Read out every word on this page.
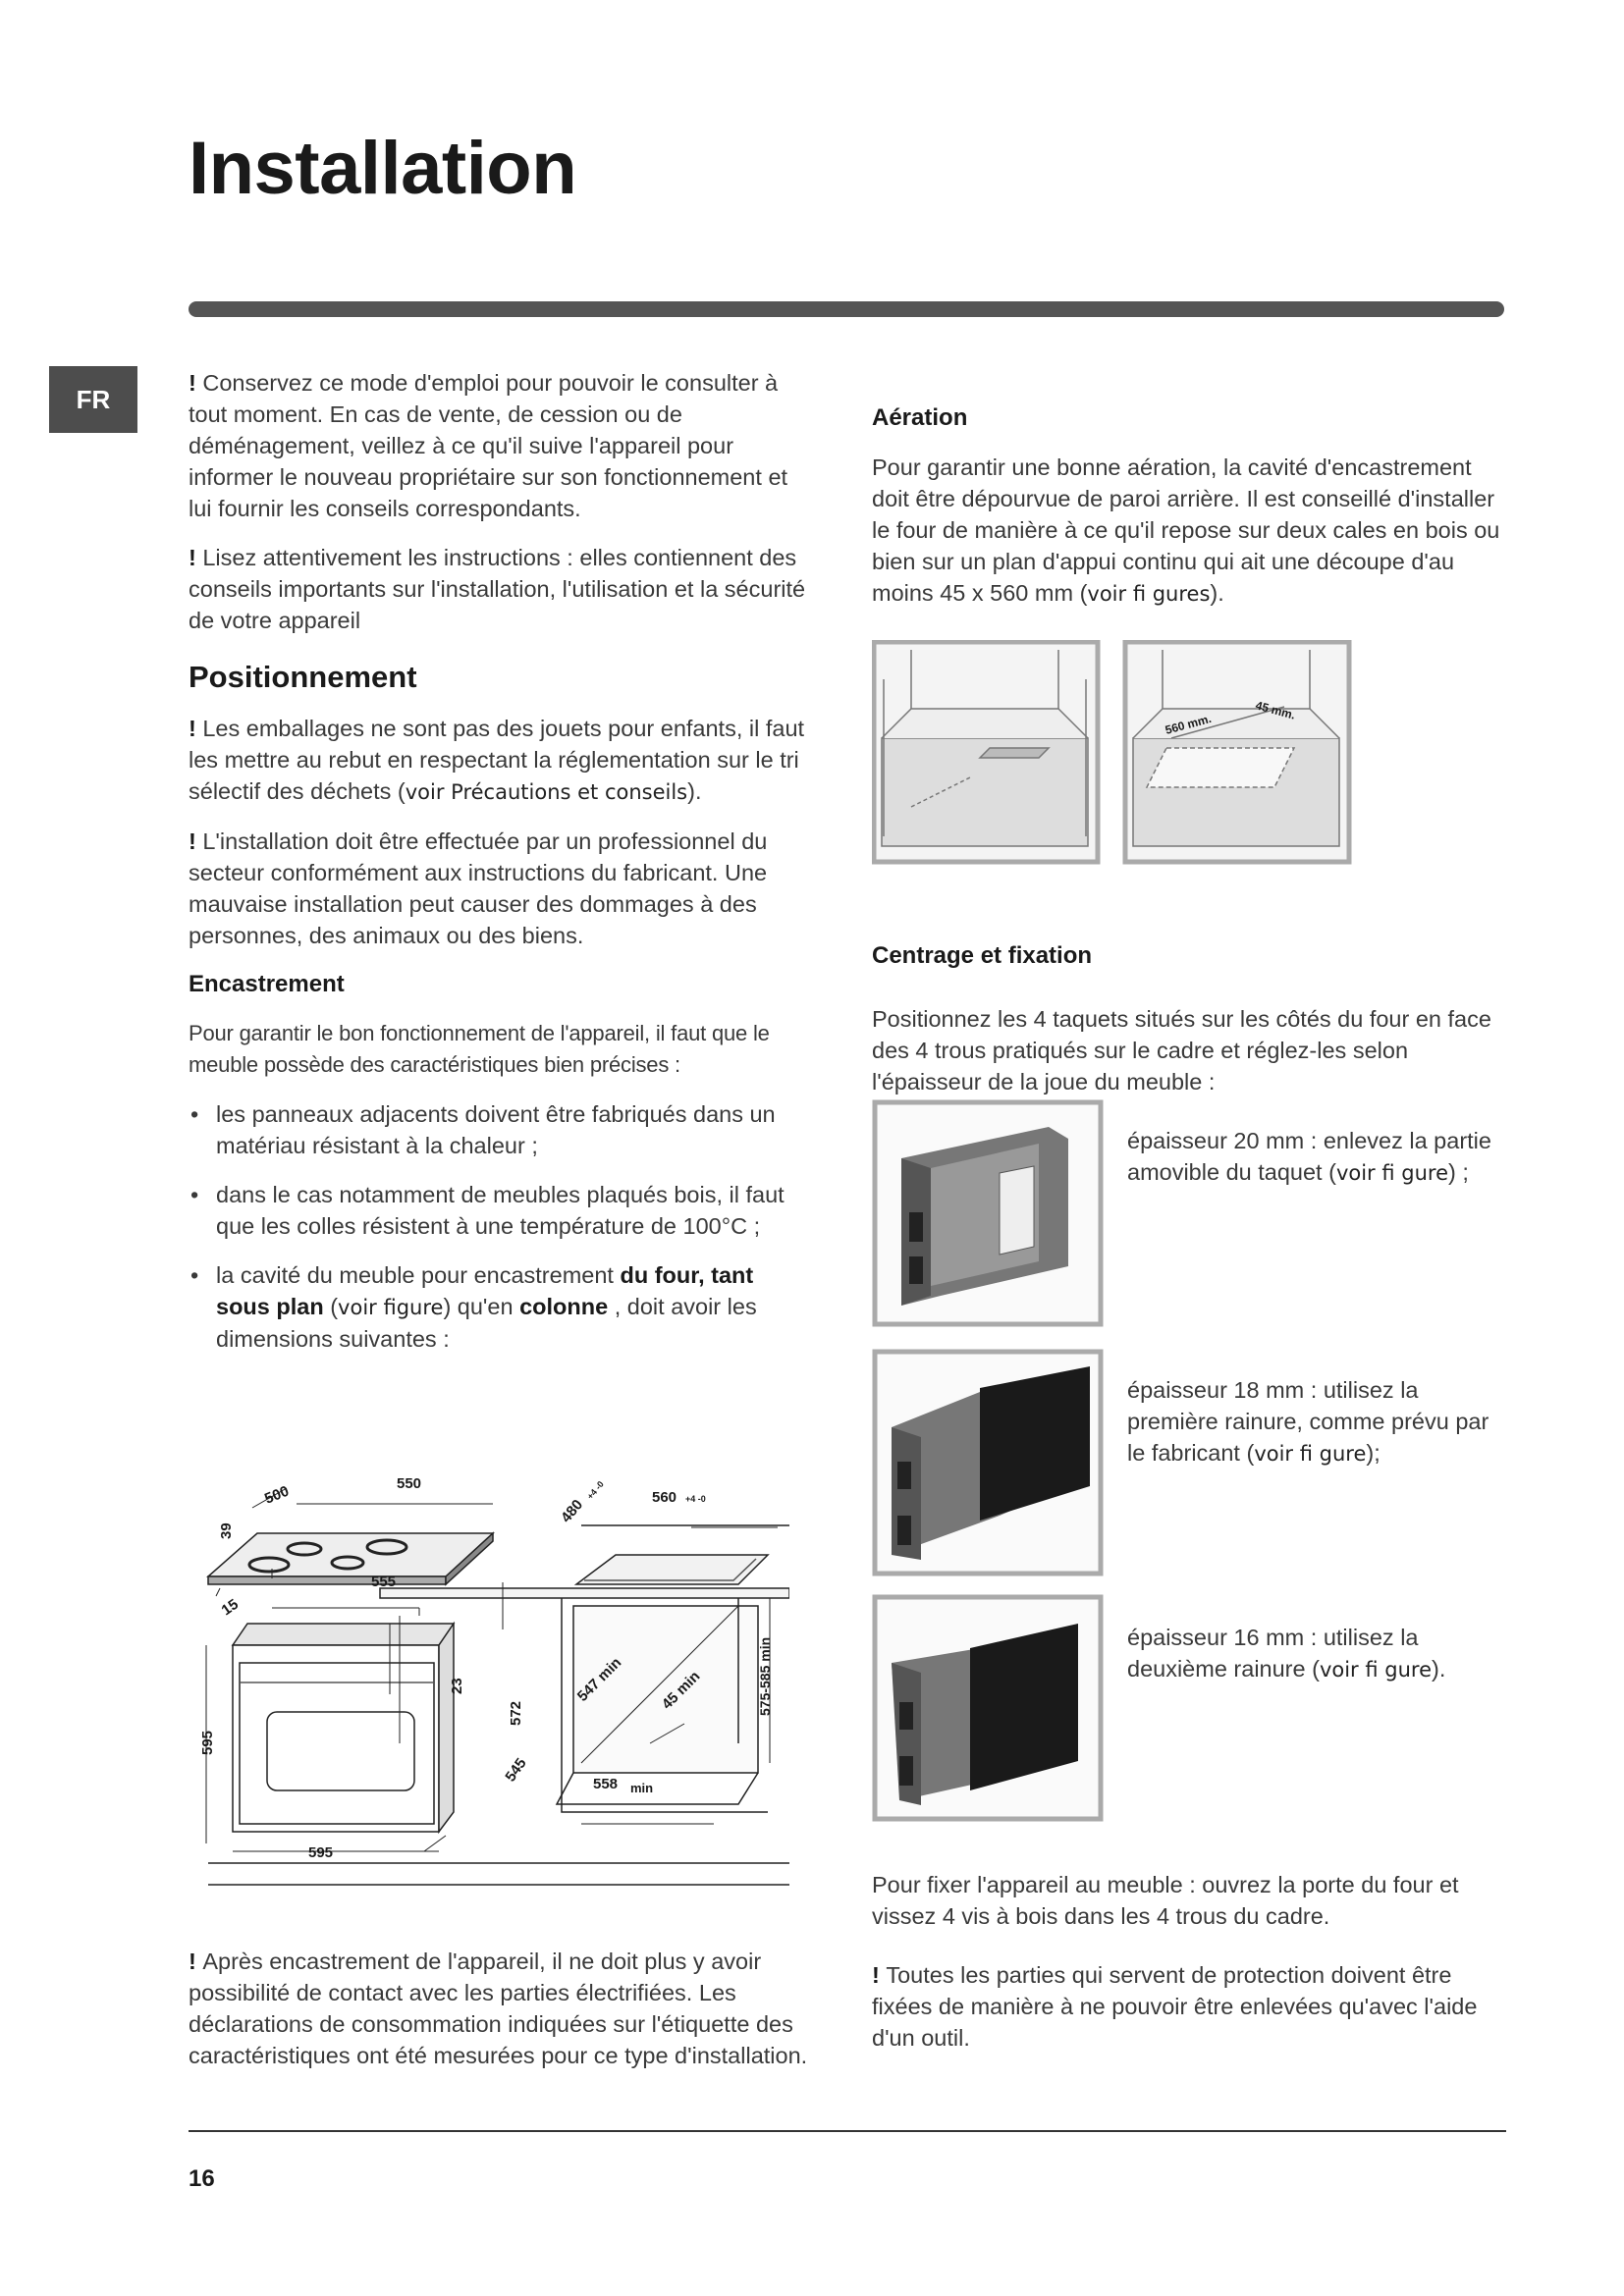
Installation
FR

! Conservez ce mode d'emploi pour pouvoir le consulter à tout moment. En cas de vente, de cession ou de déménagement, veillez à ce qu'il suive l'appareil pour informer le nouveau propriétaire sur son fonctionnement et lui fournir les conseils correspondants.

! Lisez attentivement les instructions : elles contiennent des conseils importants sur l'installation, l'utilisation et la sécurité de votre appareil

Positionnement

! Les emballages ne sont pas des jouets pour enfants, il faut les mettre au rebut en respectant la réglementation sur le tri sélectif des déchets (voir Précautions et conseils).

! L'installation doit être effectuée par un professionnel du secteur conformément aux instructions du fabricant. Une mauvaise installation peut causer des dommages à des personnes, des animaux ou des biens.

Encastrement

Pour garantir le bon fonctionnement de l'appareil, il faut que le meuble possède des caractéristiques bien précises :

• les panneaux adjacents doivent être fabriqués dans un matériau résistant à la chaleur ;
• dans le cas notamment de meubles plaqués bois, il faut que les colles résistent à une température de 100°C ;
• la cavité du meuble pour encastrement du four, tant sous plan (voir figure) qu'en colonne , doit avoir les dimensions suivantes :
500	550
39
15
555
23
572
595
595
545
480
+4 -0	560 +4 -0
547 min 45 min	575-585 min
558 min

! Après encastrement de l'appareil, il ne doit plus y avoir possibilité de contact avec les parties électrifiées. Les déclarations de consommation indiquées sur l'étiquette des caractéristiques ont été mesurées pour ce type d'installation.

Aération

Pour garantir une bonne aération, la cavité d'encastrement doit être dépourvue de paroi arrière. Il est conseillé d'installer le four de manière à ce qu'il repose sur deux cales en bois ou bien sur un plan d'appui continu qui ait une découpe d'au moins 45 x 560 mm (voir fi gures).

560 mm.
45 mm.
Centrage et fixation

Positionnez les 4 taquets situés sur les côtés du four en face des 4 trous pratiqués sur le cadre et réglez-les selon l'épaisseur de la joue du meuble :

épaisseur 20 mm : enlevez la partie amovible du taquet (voir fi gure) ;

épaisseur 18 mm : utilisez la première rainure, comme prévu par le fabricant (voir fi gure);

épaisseur 16 mm : utilisez la deuxième rainure (voir fi gure).

Pour fixer l'appareil au meuble : ouvrez la porte du four et vissez 4 vis à bois dans les 4 trous du cadre.

! Toutes les parties qui servent de protection doivent être fixées de manière à ne pouvoir être enlevées qu'avec l'aide d'un outil.

16
